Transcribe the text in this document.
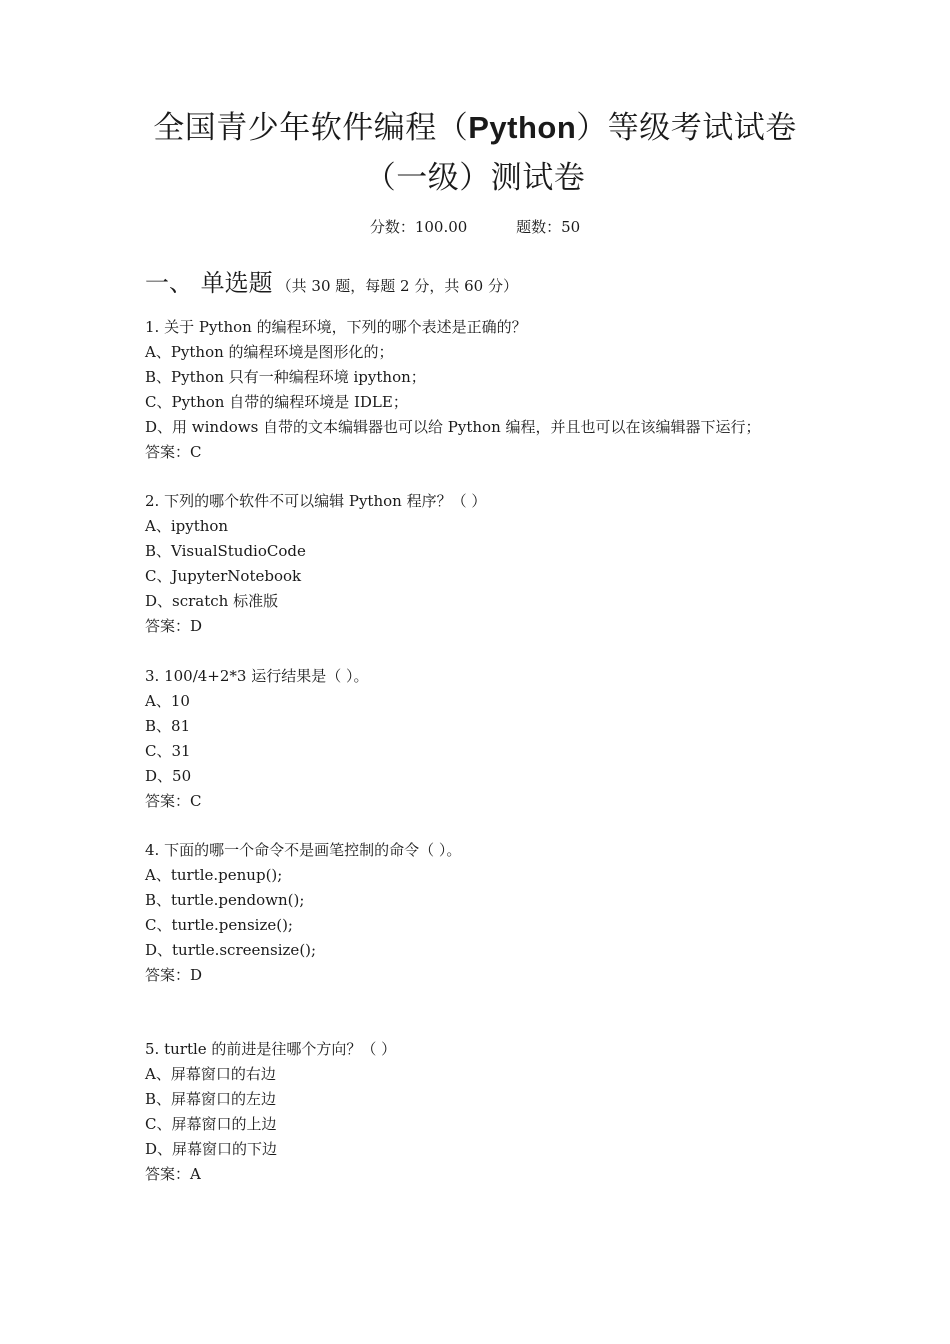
全国青少年软件编程（Python）等级考试试卷
（一级）测试卷
分数：100.00	题数：50
一、 单选题 （共 30 题，每题 2 分，共 60 分）
1. 关于 Python 的编程环境，下列的哪个表述是正确的？
A、Python 的编程环境是图形化的；
B、Python 只有一种编程环境 ipython；
C、Python 自带的编程环境是 IDLE；
D、用 windows 自带的文本编辑器也可以给 Python 编程，并且也可以在该编辑器下运行；
答案：C
2. 下列的哪个软件不可以编辑 Python 程序？（ ）
A、ipython
B、VisualStudioCode
C、JupyterNotebook
D、scratch 标准版
答案：D
3. 100/4+2*3 运行结果是（ ）。
A、10
B、81
C、31
D、50
答案：C
4. 下面的哪一个命令不是画笔控制的命令（ ）。
A、turtle.penup();
B、turtle.pendown();
C、turtle.pensize();
D、turtle.screensize();
答案：D
5. turtle 的前进是往哪个方向？（ ）
A、屏幕窗口的右边
B、屏幕窗口的左边
C、屏幕窗口的上边
D、屏幕窗口的下边
答案：A
